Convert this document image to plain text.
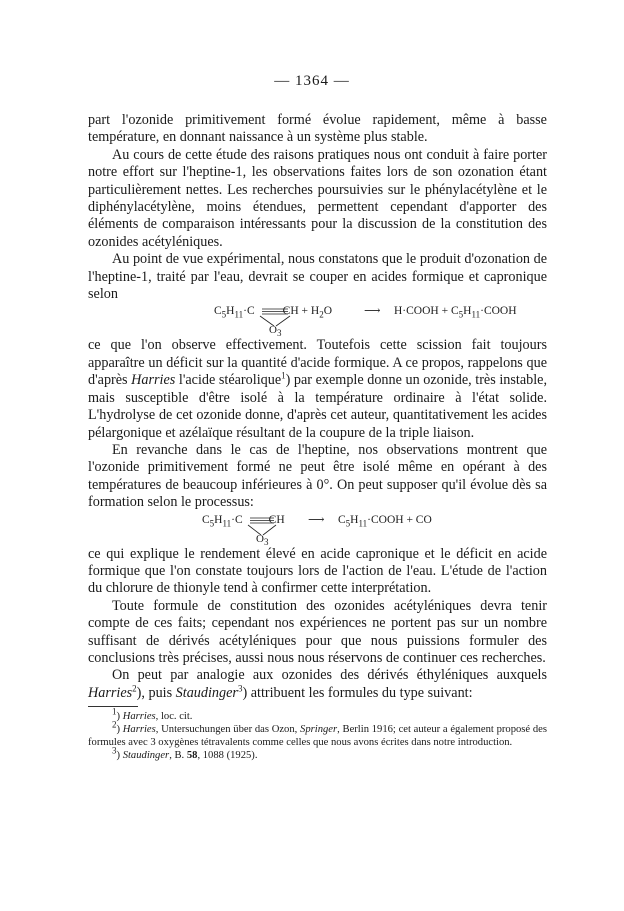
— 1364 —

part l'ozonide primitivement formé évolue rapidement, même à basse température, en donnant naissance à un système plus stable.

Au cours de cette étude des raisons pratiques nous ont conduit à faire porter notre effort sur l'heptine-1, les observations faites lors de son ozonation étant particulièrement nettes. Les recherches poursuivies sur le phénylacétylène et le diphénylacétylène, moins étendues, permettent cependant d'apporter des éléments de comparaison intéressants pour la discussion de la constitution des ozonides acétyléniques.

Au point de vue expérimental, nous constatons que le produit d'ozonation de l'heptine-1, traité par l'eau, devrait se couper en acides formique et capronique selon

$C_5H_{11}\cdot C$ CH + $H_2O$
$O_3$
⟶ H·COOH + $C_5H_{11}\cdot COOH$

ce que l'on observe effectivement. Toutefois cette scission fait toujours apparaître un déficit sur la quantité d'acide formique. A ce propos, rappelons que d'après Harries l'acide stéarolique$^1$) par exemple donne un ozonide, très instable, mais susceptible d'être isolé à la température ordinaire à l'état solide. L'hydrolyse de cet ozonide donne, d'après cet auteur, quantitativement les acides pélargonique et azélaïque résultant de la coupure de la triple liaison.

En revanche dans le cas de l'heptine, nos observations montrent que l'ozonide primitivement formé ne peut être isolé même en opérant à des températures de beaucoup inférieures à 0°. On peut supposer qu'il évolue dès sa formation selon le processus:

$C_5H_{11}\cdot C$ CH
$O_3$
⟶ $C_5H_{11}\cdot COOH$ + CO

ce qui explique le rendement élevé en acide capronique et le déficit en acide formique que l'on constate toujours lors de l'action de l'eau. L'étude de l'action du chlorure de thionyle tend à confirmer cette interprétation.

Toute formule de constitution des ozonides acétyléniques devra tenir compte de ces faits; cependant nos expériences ne portent pas sur un nombre suffisant de dérivés acétyléniques pour que nous puissions formuler des conclusions très précises, aussi nous nous réservons de continuer ces recherches.

On peut par analogie aux ozonides des dérivés éthyléniques auxquels Harries$^2$), puis Staudinger$^3$) attribuent les formules du type suivant:

$^1$) Harries, loc. cit.

$^2$) Harries, Untersuchungen über das Ozon, Springer, Berlin 1916; cet auteur a également proposé des formules avec 3 oxygènes tétravalents comme celles que nous avons écrites dans notre introduction.

$^3$) Staudinger, B. 58, 1088 (1925).
